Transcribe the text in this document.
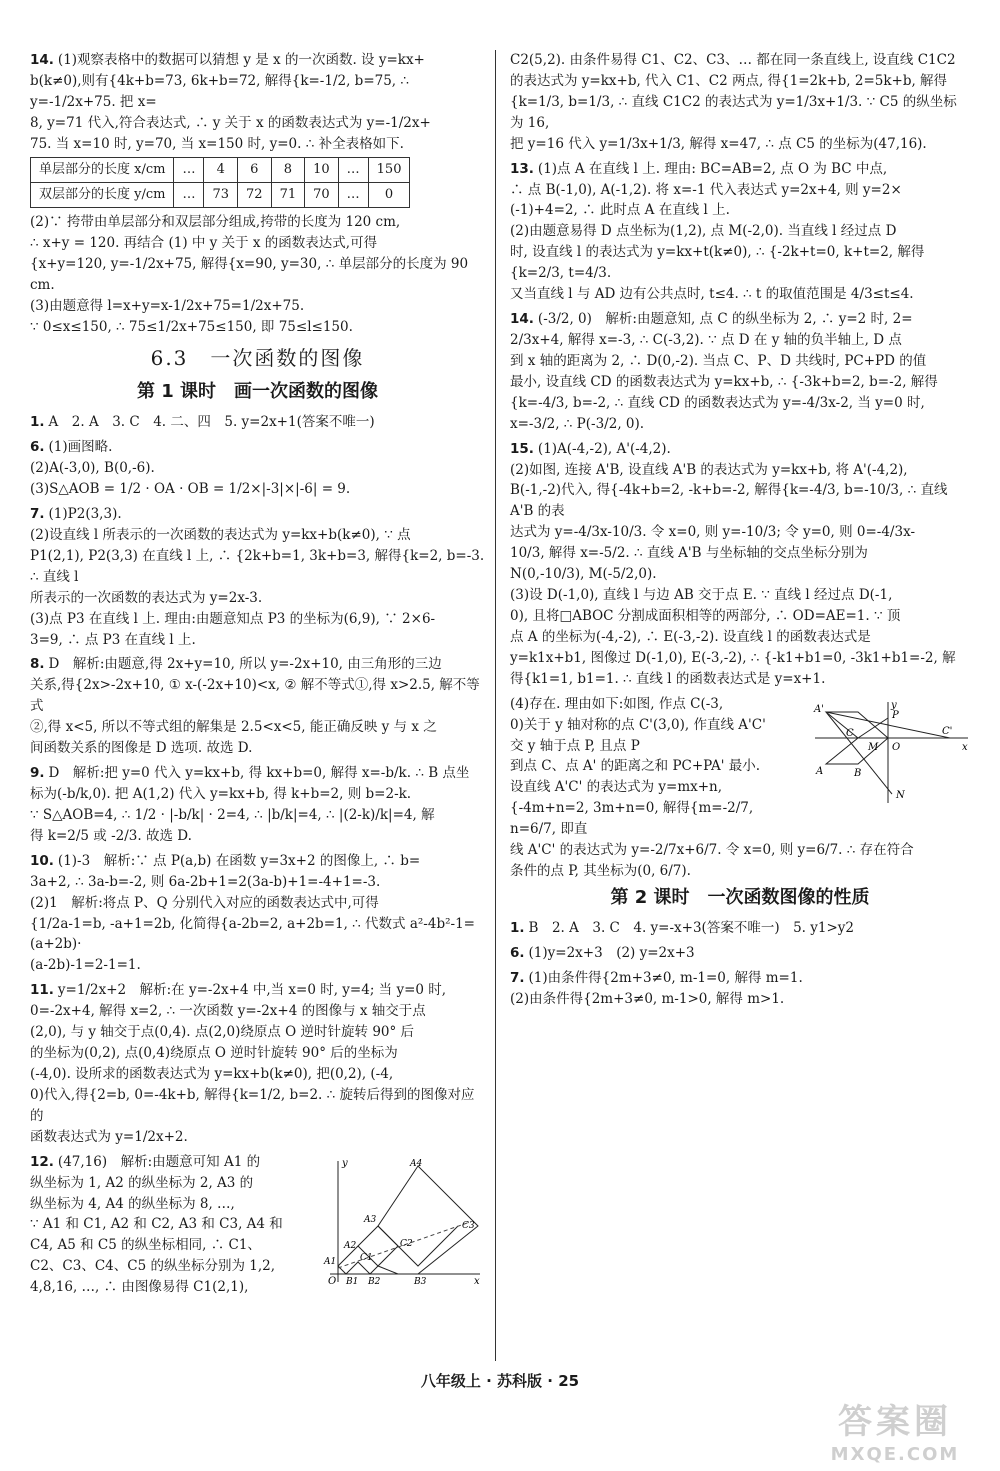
14. (1)观察表格中的数据可以猜想 y 是 x 的一次函数. 设 y=kx+

b(k≠0),则有{4k+b=73, 6k+b=72, 解得{k=-1/2, b=75, ∴ y=-1/2x+75. 把 x=

8, y=71 代入,符合表达式, ∴ y 关于 x 的函数表达式为 y=-1/2x+

75. 当 x=10 时, y=70, 当 x=150 时, y=0. ∴ 补全表格如下.

单层部分的长度 x/cm	…	4	6	8	10	…	150
双层部分的长度 y/cm	…	73	72	71	70	…	0

(2)∵ 挎带由单层部分和双层部分组成,挎带的长度为 120 cm,

∴ x+y = 120. 再结合 (1) 中 y 关于 x 的函数表达式,可得

{x+y=120, y=-1/2x+75, 解得{x=90, y=30, ∴ 单层部分的长度为 90 cm.

(3)由题意得 l=x+y=x-1/2x+75=1/2x+75.

∵ 0≤x≤150, ∴ 75≤1/2x+75≤150, 即 75≤l≤150.

6.3　一次函数的图像
第 1 课时　画一次函数的图像

1. A　2. A　3. C　4. 二、四　5. y=2x+1(答案不唯一)

6. (1)画图略.

(2)A(-3,0), B(0,-6).

(3)S△AOB = 1/2 · OA · OB = 1/2×|-3|×|-6| = 9.

7. (1)P2(3,3).

(2)设直线 l 所表示的一次函数的表达式为 y=kx+b(k≠0), ∵ 点

P1(2,1), P2(3,3) 在直线 l 上, ∴ {2k+b=1, 3k+b=3, 解得{k=2, b=-3. ∴ 直线 l

所表示的一次函数的表达式为 y=2x-3.

(3)点 P3 在直线 l 上. 理由:由题意知点 P3 的坐标为(6,9), ∵ 2×6-

3=9, ∴ 点 P3 在直线 l 上.

8. D　解析:由题意,得 2x+y=10, 所以 y=-2x+10, 由三角形的三边

关系,得{2x>-2x+10, ① x-(-2x+10)<x, ② 解不等式①,得 x>2.5, 解不等式

②,得 x<5, 所以不等式组的解集是 2.5<x<5, 能正确反映 y 与 x 之

间函数关系的图像是 D 选项. 故选 D.

9. D　解析:把 y=0 代入 y=kx+b, 得 kx+b=0, 解得 x=-b/k. ∴ B 点坐

标为(-b/k,0). 把 A(1,2) 代入 y=kx+b, 得 k+b=2, 则 b=2-k.

∵ S△AOB=4, ∴ 1/2 · |-b/k| · 2=4, ∴ |b/k|=4, ∴ |(2-k)/k|=4, 解

得 k=2/5 或 -2/3. 故选 D.

10. (1)-3　解析:∵ 点 P(a,b) 在函数 y=3x+2 的图像上, ∴ b=

3a+2, ∴ 3a-b=-2, 则 6a-2b+1=2(3a-b)+1=-4+1=-3.

(2)1　解析:将点 P、Q 分别代入对应的函数表达式中,可得

{1/2a-1=b, -a+1=2b, 化简得{a-2b=2, a+2b=1, ∴ 代数式 a²-4b²-1=(a+2b)·

(a-2b)-1=2-1=1.

11. y=1/2x+2　解析:在 y=-2x+4 中,当 x=0 时, y=4; 当 y=0 时,

0=-2x+4, 解得 x=2, ∴ 一次函数 y=-2x+4 的图像与 x 轴交于点

(2,0), 与 y 轴交于点(0,4). 点(2,0)绕原点 O 逆时针旋转 90° 后

的坐标为(0,2), 点(0,4)绕原点 O 逆时针旋转 90° 后的坐标为

(-4,0). 设所求的函数表达式为 y=kx+b(k≠0), 把(0,2), (-4,

0)代入,得{2=b, 0=-4k+b, 解得{k=1/2, b=2. ∴ 旋转后得到的图像对应的

函数表达式为 y=1/2x+2.

12. (47,16)　解析:由题意可知 A1 的

纵坐标为 1, A2 的纵坐标为 2, A3 的

纵坐标为 4, A4 的纵坐标为 8, …,

∵ A1 和 C1, A2 和 C2, A3 和 C3, A4 和

C4, A5 和 C5 的纵坐标相同, ∴ C1、

C2、C3、C4、C5 的纵坐标分别为 1,2,

4,8,16, …, ∴ 由图像易得 C1(2,1),

y
x
O
A1
A2
A3
A4
B1 B2	B3
C1
C2
C3

C2(5,2). 由条件易得 C1、C2、C3、… 都在同一条直线上, 设直线 C1C2

的表达式为 y=kx+b, 代入 C1、C2 两点, 得{1=2k+b, 2=5k+b, 解得

{k=1/3, b=1/3, ∴ 直线 C1C2 的表达式为 y=1/3x+1/3. ∵ C5 的纵坐标为 16,

把 y=16 代入 y=1/3x+1/3, 解得 x=47, ∴ 点 C5 的坐标为(47,16).

13. (1)点 A 在直线 l 上. 理由: BC=AB=2, 点 O 为 BC 中点,

∴ 点 B(-1,0), A(-1,2). 将 x=-1 代入表达式 y=2x+4, 则 y=2×

(-1)+4=2, ∴ 此时点 A 在直线 l 上.

(2)由题意易得 D 点坐标为(1,2), 点 M(-2,0). 当直线 l 经过点 D

时, 设直线 l 的表达式为 y=kx+t(k≠0), ∴ {-2k+t=0, k+t=2, 解得{k=2/3, t=4/3.

又当直线 l 与 AD 边有公共点时, t≤4. ∴ t 的取值范围是 4/3≤t≤4.

14. (-3/2, 0)　解析:由题意知, 点 C 的纵坐标为 2, ∴ y=2 时, 2=

2/3x+4, 解得 x=-3, ∴ C(-3,2). ∵ 点 D 在 y 轴的负半轴上, D 点

到 x 轴的距离为 2, ∴ D(0,-2). 当点 C、P、D 共线时, PC+PD 的值

最小, 设直线 CD 的函数表达式为 y=kx+b, ∴ {-3k+b=2, b=-2, 解得

{k=-4/3, b=-2, ∴ 直线 CD 的函数表达式为 y=-4/3x-2, 当 y=0 时,

x=-3/2, ∴ P(-3/2, 0).

15. (1)A(-4,-2), A'(-4,2).

(2)如图, 连接 A'B, 设直线 A'B 的表达式为 y=kx+b, 将 A'(-4,2),

B(-1,-2)代入, 得{-4k+b=2, -k+b=-2, 解得{k=-4/3, b=-10/3, ∴ 直线 A'B 的表

达式为 y=-4/3x-10/3. 令 x=0, 则 y=-10/3; 令 y=0, 则 0=-4/3x-

10/3, 解得 x=-5/2. ∴ 直线 A'B 与坐标轴的交点坐标分别为

N(0,-10/3), M(-5/2,0).

(3)设 D(-1,0), 直线 l 与边 AB 交于点 E. ∵ 直线 l 经过点 D(-1,

0), 且将□ABOC 分割成面积相等的两部分, ∴ OD=AE=1. ∵ 顶

点 A 的坐标为(-4,-2), ∴ E(-3,-2). 设直线 l 的函数表达式是

y=k1x+b1, 图像过 D(-1,0), E(-3,-2), ∴ {-k1+b1=0, -3k1+b1=-2, 解

得{k1=1, b1=1. ∴ 直线 l 的函数表达式是 y=x+1.

(4)存在. 理由如下:如图, 作点 C(-3,

0)关于 y 轴对称的点 C'(3,0), 作直线 A'C'

交 y 轴于点 P, 且点 P

到点 C、点 A' 的距离之和 PC+PA' 最小.

设直线 A'C' 的表达式为 y=mx+n,

{-4m+n=2, 3m+n=0, 解得{m=-2/7, n=6/7, 即直

y
x
A'
P
C	C'
M O
A	B
N

线 A'C' 的表达式为 y=-2/7x+6/7. 令 x=0, 则 y=6/7. ∴ 存在符合

条件的点 P, 其坐标为(0, 6/7).

第 2 课时　一次函数图像的性质

1. B　2. A　3. C　4. y=-x+3(答案不唯一)　5. y1>y2

6. (1)y=2x+3　(2) y=2x+3

7. (1)由条件得{2m+3≠0, m-1=0, 解得 m=1.

(2)由条件得{2m+3≠0, m-1>0, 解得 m>1.

八年级上 · 苏科版 · 25
答案圈
MXQE.COM
